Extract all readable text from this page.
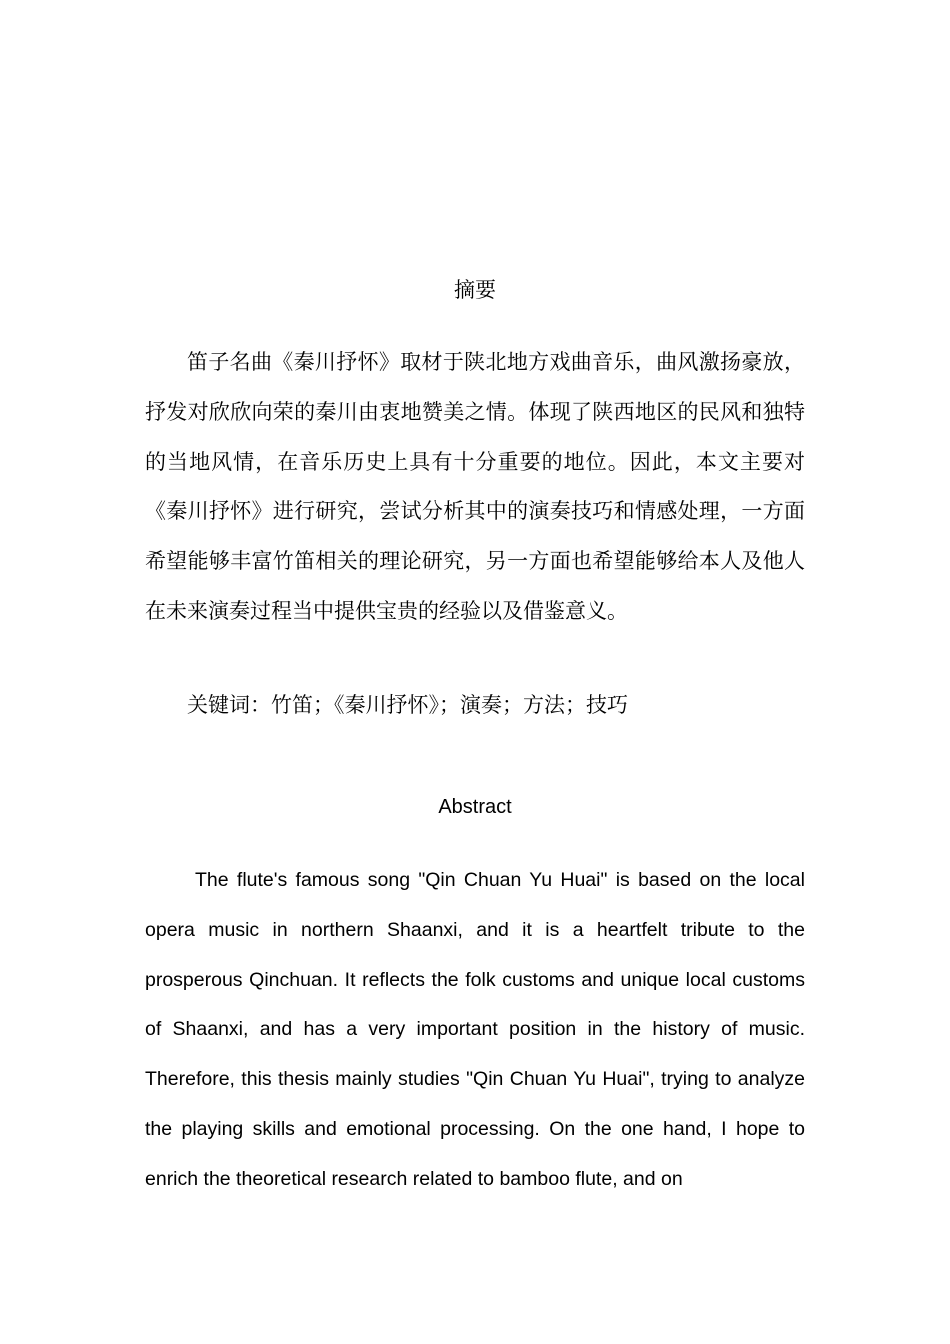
摘要

笛子名曲《秦川抒怀》取材于陕北地方戏曲音乐，曲风激扬豪放，抒发对欣欣向荣的秦川由衷地赞美之情。体现了陕西地区的民风和独特的当地风情，在音乐历史上具有十分重要的地位。因此，本文主要对《秦川抒怀》进行研究，尝试分析其中的演奏技巧和情感处理，一方面希望能够丰富竹笛相关的理论研究，另一方面也希望能够给本人及他人在未来演奏过程当中提供宝贵的经验以及借鉴意义。

关键词：竹笛；《秦川抒怀》；演奏；方法；技巧

Abstract

The flute's famous song "Qin Chuan Yu Huai" is based on the local opera music in northern Shaanxi, and it is a heartfelt tribute to the prosperous Qinchuan. It reflects the folk customs and unique local customs of Shaanxi, and has a very important position in the history of music. Therefore, this thesis mainly studies "Qin Chuan Yu Huai", trying to analyze the playing skills and emotional processing. On the one hand, I hope to enrich the theoretical research related to bamboo flute, and on
